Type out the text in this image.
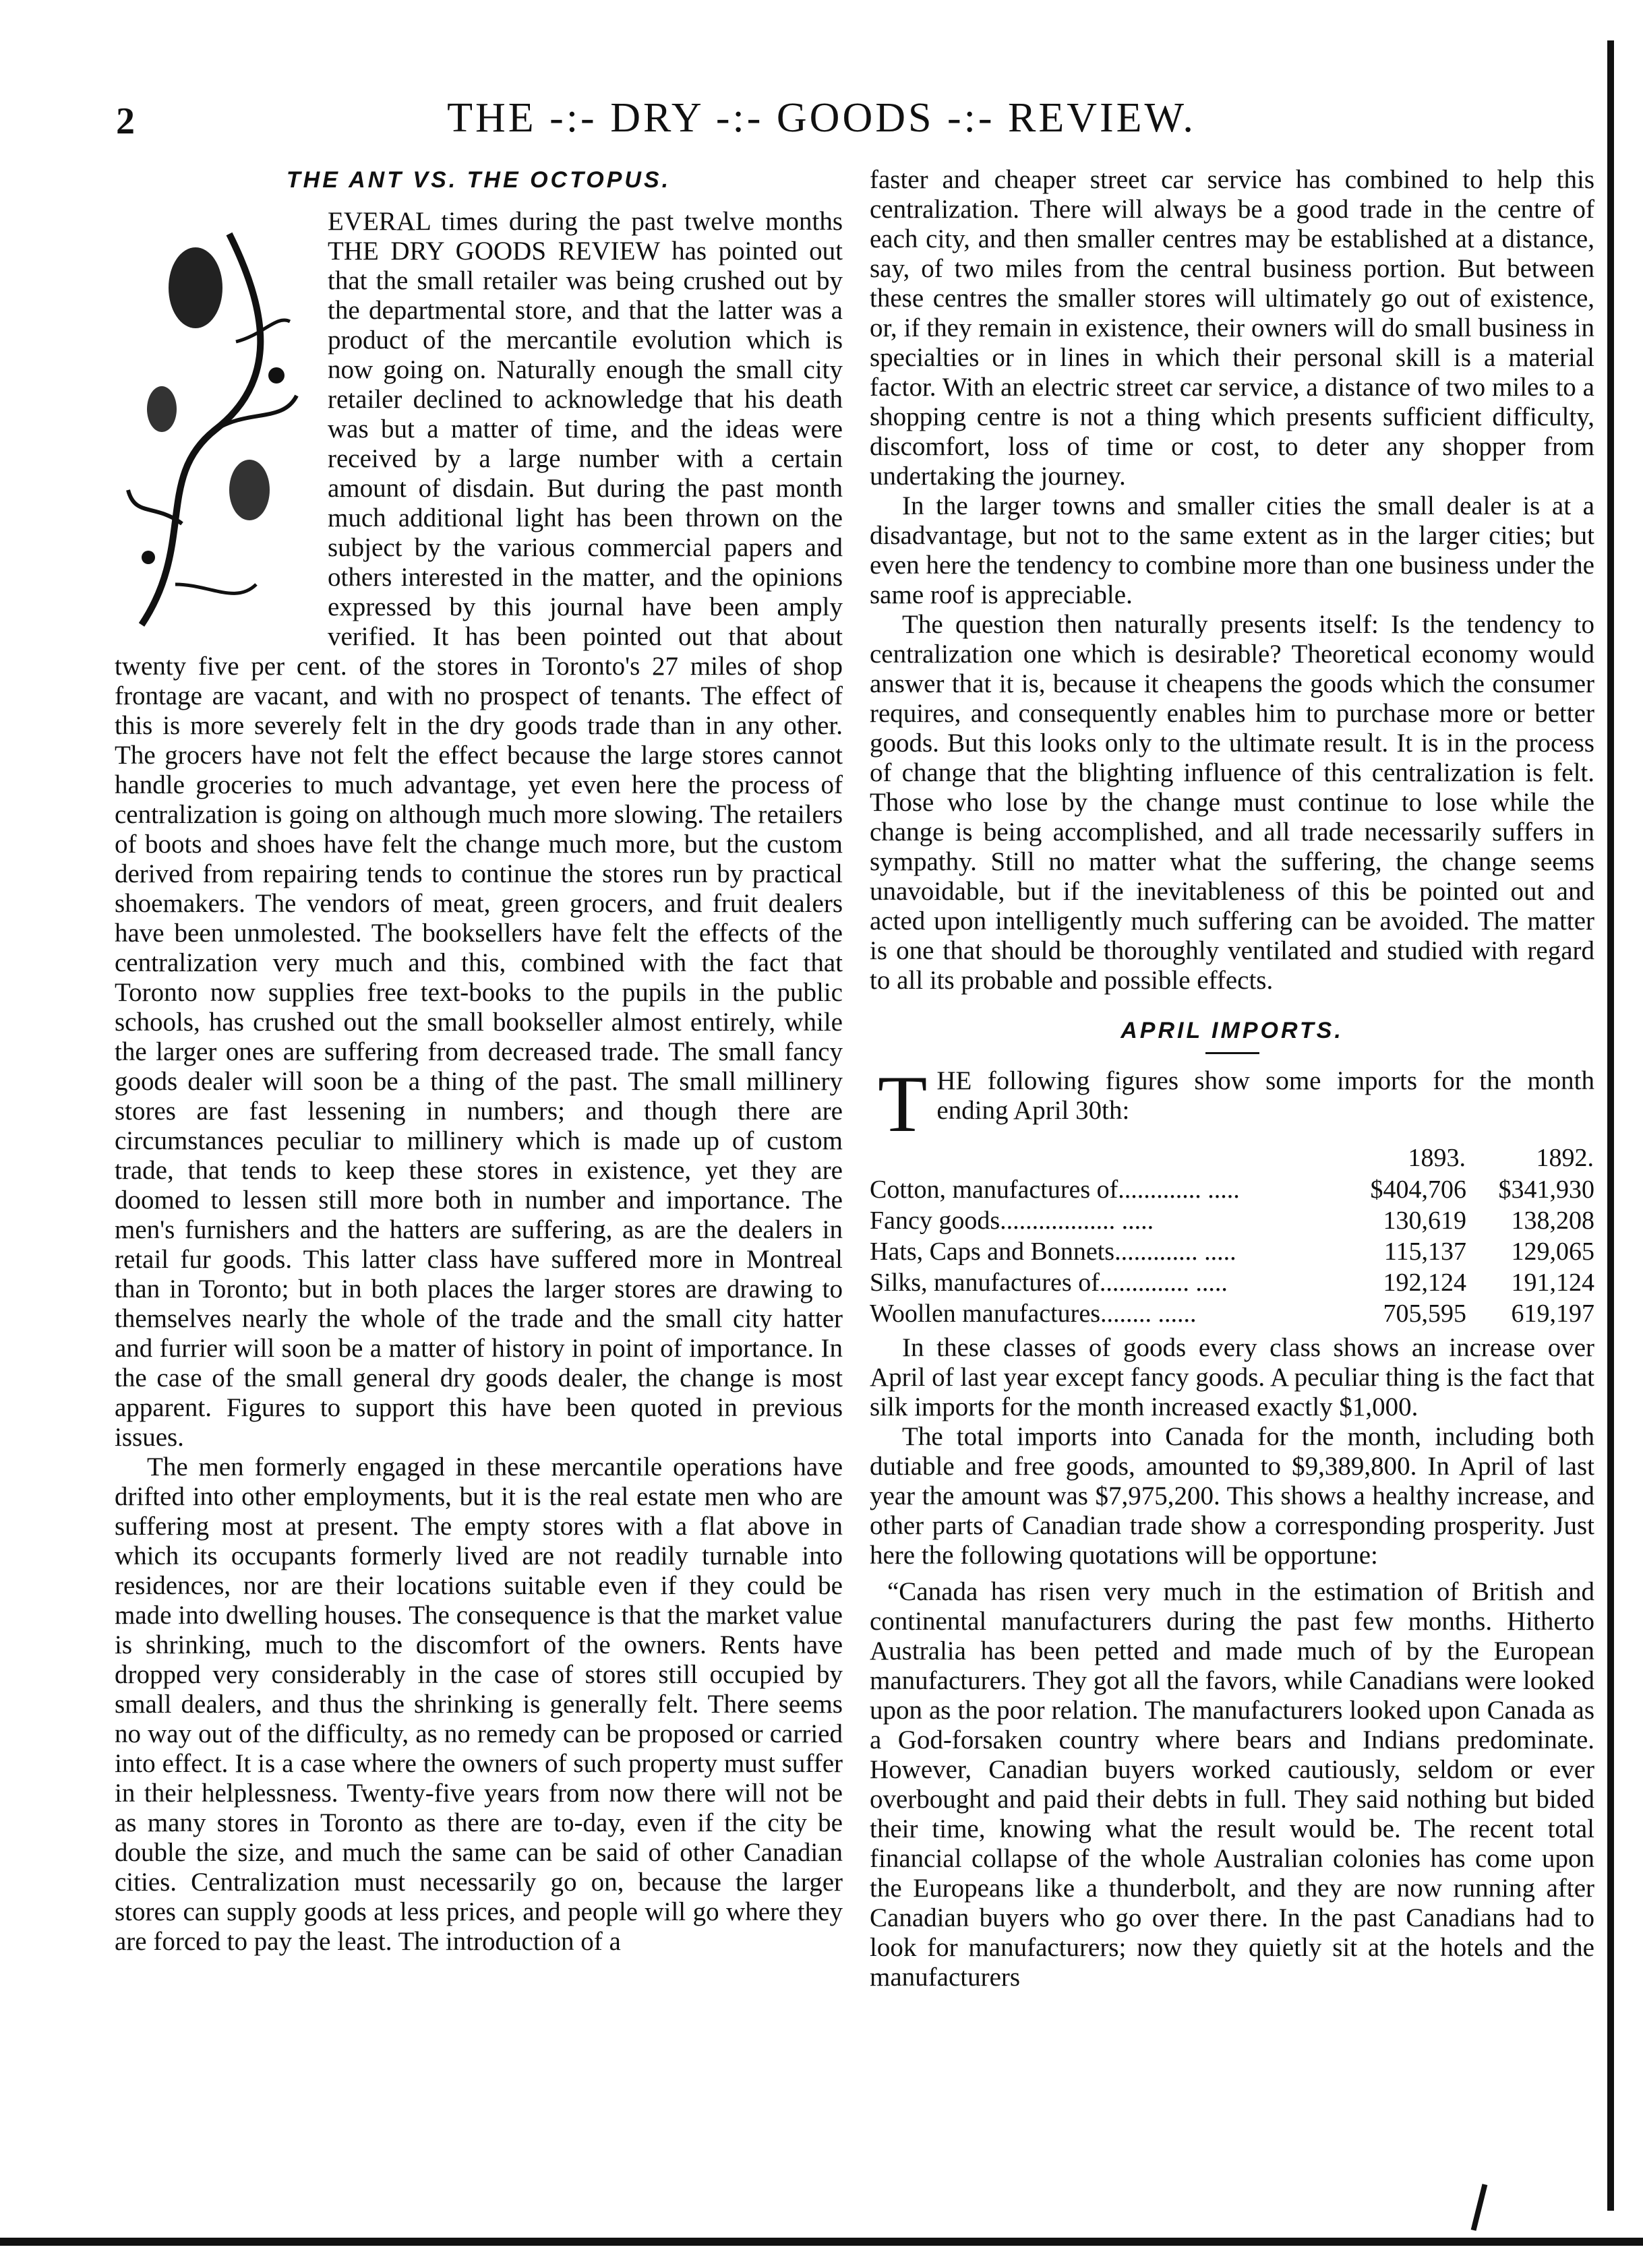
2	THE -:- DRY -:- GOODS -:- REVIEW.
THE ANT VS. THE OCTOPUS.

EVERAL times during the past twelve months THE DRY GOODS REVIEW has pointed out that the small retailer was being crushed out by the departmental store, and that the latter was a product of the mercantile evolution which is now going on. Naturally enough the small city retailer declined to acknowledge that his death was but a matter of time, and the ideas were received by a large number with a certain amount of disdain. But during the past month much additional light has been thrown on the subject by the various commercial papers and others interested in the matter, and the opinions expressed by this journal have been amply verified. It has been pointed out that about twenty five per cent. of the stores in Toronto's 27 miles of shop frontage are vacant, and with no prospect of tenants. The effect of this is more severely felt in the dry goods trade than in any other. The grocers have not felt the effect because the large stores cannot handle groceries to much advantage, yet even here the process of centralization is going on although much more slowing. The retailers of boots and shoes have felt the change much more, but the custom derived from repairing tends to continue the stores run by practical shoemakers. The vendors of meat, green grocers, and fruit dealers have been unmolested. The booksellers have felt the effects of the centralization very much and this, combined with the fact that Toronto now supplies free text-books to the pupils in the public schools, has crushed out the small bookseller almost entirely, while the larger ones are suffering from decreased trade. The small fancy goods dealer will soon be a thing of the past. The small millinery stores are fast lessening in numbers; and though there are circumstances peculiar to millinery which is made up of custom trade, that tends to keep these stores in existence, yet they are doomed to lessen still more both in number and importance. The men's furnishers and the hatters are suffering, as are the dealers in retail fur goods. This latter class have suffered more in Montreal than in Toronto; but in both places the larger stores are drawing to themselves nearly the whole of the trade and the small city hatter and furrier will soon be a matter of history in point of importance. In the case of the small general dry goods dealer, the change is most apparent. Figures to support this have been quoted in previous issues.

The men formerly engaged in these mercantile operations have drifted into other employments, but it is the real estate men who are suffering most at present. The empty stores with a flat above in which its occupants formerly lived are not readily turnable into residences, nor are their locations suitable even if they could be made into dwelling houses. The consequence is that the market value is shrinking, much to the discomfort of the owners. Rents have dropped very considerably in the case of stores still occupied by small dealers, and thus the shrinking is generally felt. There seems no way out of the difficulty, as no remedy can be proposed or carried into effect. It is a case where the owners of such property must suffer in their helplessness. Twenty-five years from now there will not be as many stores in Toronto as there are to-day, even if the city be double the size, and much the same can be said of other Canadian cities. Centralization must necessarily go on, because the larger stores can supply goods at less prices, and people will go where they are forced to pay the least. The introduction of a

faster and cheaper street car service has combined to help this centralization. There will always be a good trade in the centre of each city, and then smaller centres may be established at a distance, say, of two miles from the central business portion. But between these centres the smaller stores will ultimately go out of existence, or, if they remain in existence, their owners will do small business in specialties or in lines in which their personal skill is a material factor. With an electric street car service, a distance of two miles to a shopping centre is not a thing which presents sufficient difficulty, discomfort, loss of time or cost, to deter any shopper from undertaking the journey.

In the larger towns and smaller cities the small dealer is at a disadvantage, but not to the same extent as in the larger cities; but even here the tendency to combine more than one business under the same roof is appreciable.

The question then naturally presents itself: Is the tendency to centralization one which is desirable? Theoretical economy would answer that it is, because it cheapens the goods which the consumer requires, and consequently enables him to purchase more or better goods. But this looks only to the ultimate result. It is in the process of change that the blighting influence of this centralization is felt. Those who lose by the change must continue to lose while the change is being accomplished, and all trade necessarily suffers in sympathy. Still no matter what the suffering, the change seems unavoidable, but if the inevitableness of this be pointed out and acted upon intelligently much suffering can be avoided. The matter is one that should be thoroughly ventilated and studied with regard to all its probable and possible effects.

APRIL IMPORTS.

T HE following figures show some imports for the month ending April 30th:

	1893.	1892.
Cotton, manufactures of............. .....	$404,706	$341,930
Fancy goods.................. .....	130,619	138,208
Hats, Caps and Bonnets............. .....	115,137	129,065
Silks, manufactures of.............. .....	192,124	191,124
Woollen manufactures........ ......	705,595	619,197

In these classes of goods every class shows an increase over April of last year except fancy goods. A peculiar thing is the fact that silk imports for the month increased exactly $1,000.

The total imports into Canada for the month, including both dutiable and free goods, amounted to $9,389,800. In April of last year the amount was $7,975,200. This shows a healthy increase, and other parts of Canadian trade show a corresponding prosperity. Just here the following quotations will be opportune:

“Canada has risen very much in the estimation of British and continental manufacturers during the past few months. Hitherto Australia has been petted and made much of by the European manufacturers. They got all the favors, while Canadians were looked upon as the poor relation. The manufacturers looked upon Canada as a God-forsaken country where bears and Indians predominate. However, Canadian buyers worked cautiously, seldom or ever overbought and paid their debts in full. They said nothing but bided their time, knowing what the result would be. The recent total financial collapse of the whole Australian colonies has come upon the Europeans like a thunderbolt, and they are now running after Canadian buyers who go over there. In the past Canadians had to look for manufacturers; now they quietly sit at the hotels and the manufacturers
